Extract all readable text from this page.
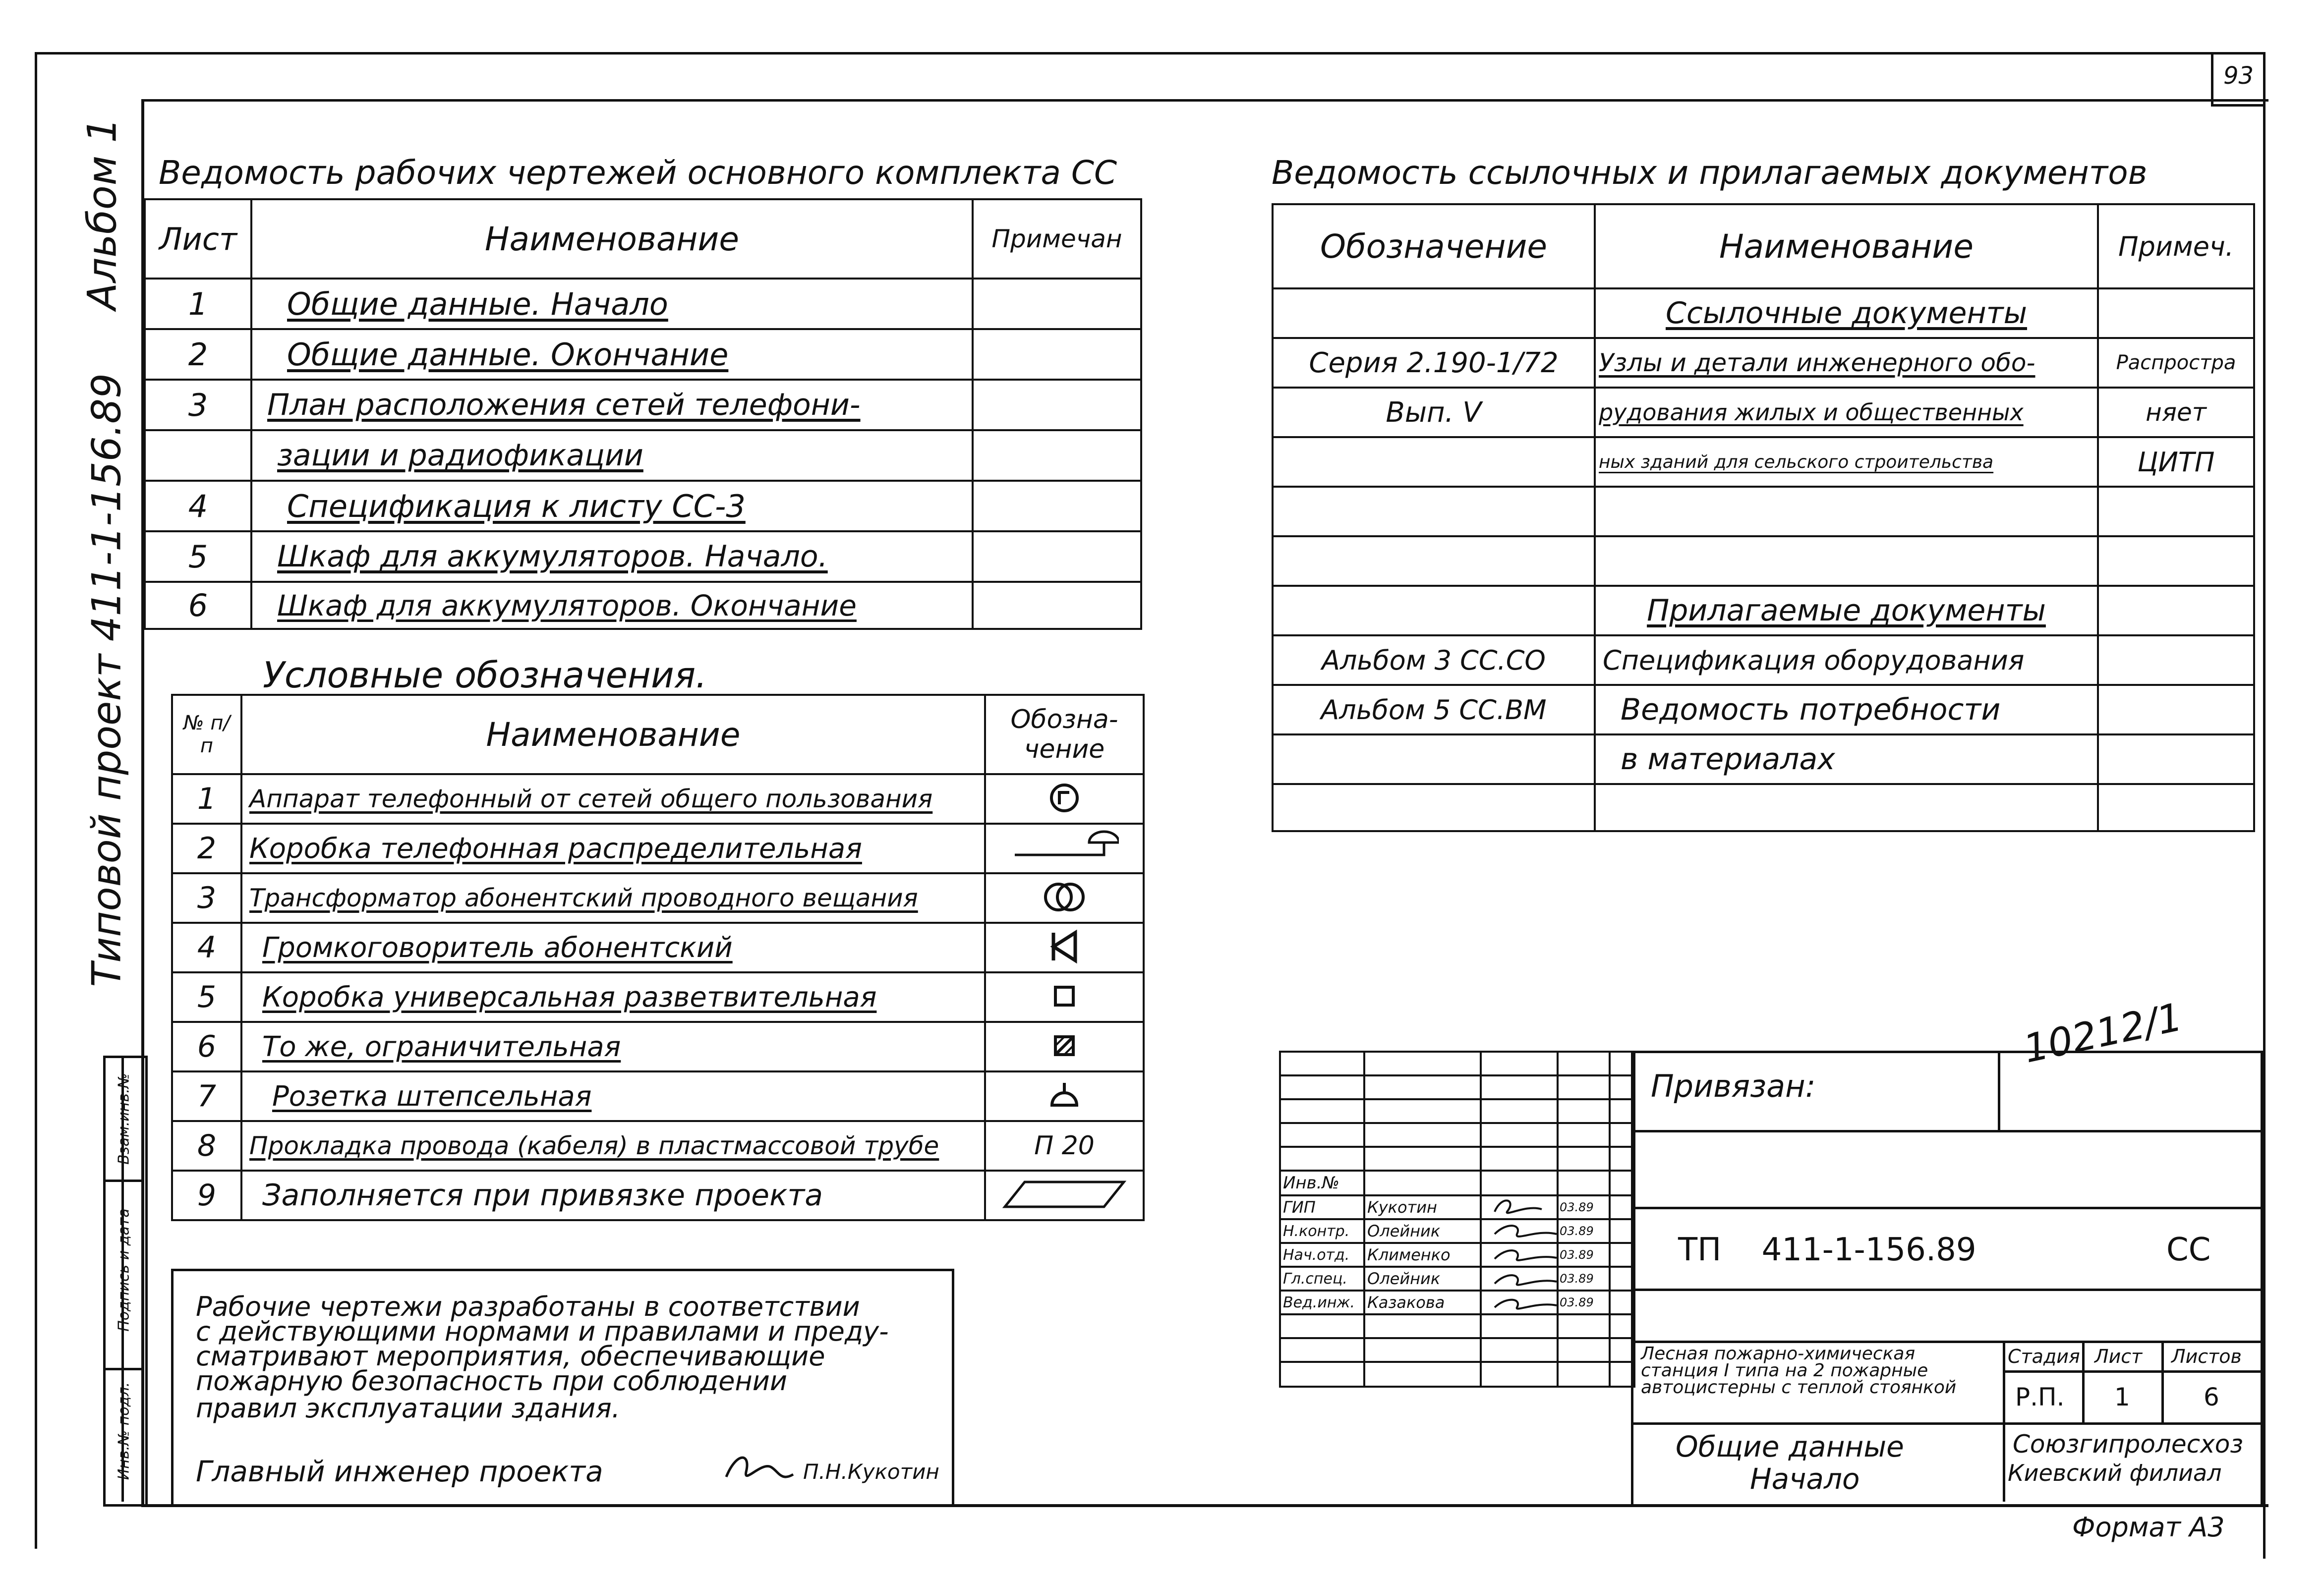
93
Альбом 1
Типовой проект 411-1-156.89
Инв.№ подл.
Подпись и дата
Взам.инв.№
Ведомость рабочих чертежей основного комплекта СС
Лист	Наименование	Примечан
1	Общие данные. Начало	
2	Общие данные. Окончание	
3	План расположения сетей телефони-	
	зации и радиофикации	
4	Спецификация к листу СС-3	
5	Шкаф для аккумуляторов. Начало.	
6	Шкаф для аккумуляторов. Окончание	
Условные обозначения.
№ п/п	Наименование	Обозна- чение
1	Аппарат телефонный от сетей общего пользования	
2	Коробка телефонная распределительная	
3	Трансформатор абонентский проводного вещания	
4	Громкоговоритель абонентский	
5	Коробка универсальная разветвительная	
6	То же, ограничительная	
7	Розетка штепсельная	
8	Прокладка провода (кабеля) в пластмассовой трубе	П 20
9	Заполняется при привязке проекта	
Рабочие чертежи разработаны в соответствии
с действующими нормами и правилами и преду-
сматривают мероприятия, обеспечивающие
пожарную безопасность при соблюдении
правил эксплуатации здания.
Главный инженер проекта	П.Н.Кукотин
Ведомость ссылочных и прилагаемых документов
Обозначение	Наименование	Примеч.
	Ссылочные документы	
Серия 2.190-1/72	Узлы и детали инженерного обо-	Распростра
Вып. V	рудования жилых и общественных	няет
	ных зданий для сельского строительства	ЦИТП

	Прилагаемые документы	
Альбом 3 СС.СО	Спецификация оборудования	
Альбом 5 СС.ВМ	Ведомость потребности	
	в материалах	

10212/1

Инв.№				
ГИП	Кукотин		03.89	
Н.контр.	Олейник		03.89	
Нач.отд.	Клименко		03.89	
Гл.спец.	Олейник		03.89	
Вед.инж.	Казакова		03.89	

Привязан:
ТП    411-1-156.89	СС
Лесная пожарно-химическая станция I типа на 2 пожарные автоцистерны с теплой стоянкой
Стадия Лист Листов
Р.П. 1	6
Общие данные
Начало
Союзгипролесхоз
Киевский филиал
Формат А3
